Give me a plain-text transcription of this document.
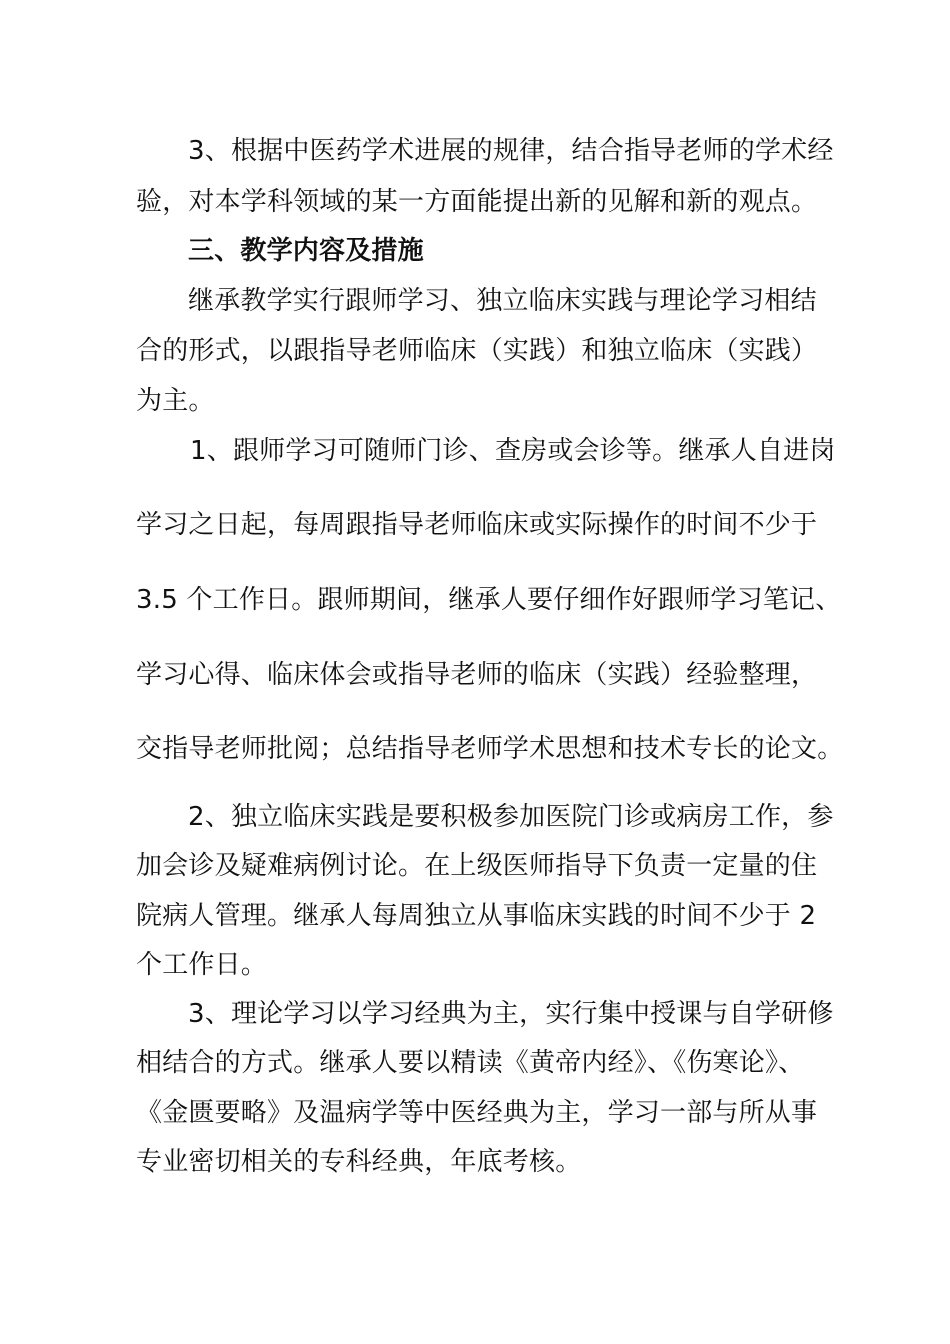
3、根据中医药学术进展的规律，结合指导老师的学术经
验，对本学科领域的某一方面能提出新的见解和新的观点。
三、教学内容及措施
继承教学实行跟师学习、独立临床实践与理论学习相结
合的形式，以跟指导老师临床（实践）和独立临床（实践）
为主。
1、跟师学习可随师门诊、查房或会诊等。继承人自进岗
学习之日起，每周跟指导老师临床或实际操作的时间不少于
3.5 个工作日。跟师期间，继承人要仔细作好跟师学习笔记、
学习心得、临床体会或指导老师的临床（实践）经验整理，
交指导老师批阅；总结指导老师学术思想和技术专长的论文。
2、独立临床实践是要积极参加医院门诊或病房工作，参
加会诊及疑难病例讨论。在上级医师指导下负责一定量的住
院病人管理。继承人每周独立从事临床实践的时间不少于 2
个工作日。
3、理论学习以学习经典为主，实行集中授课与自学研修
相结合的方式。继承人要以精读《黄帝内经》、《伤寒论》、
《金匮要略》及温病学等中医经典为主，学习一部与所从事
专业密切相关的专科经典，年底考核。
